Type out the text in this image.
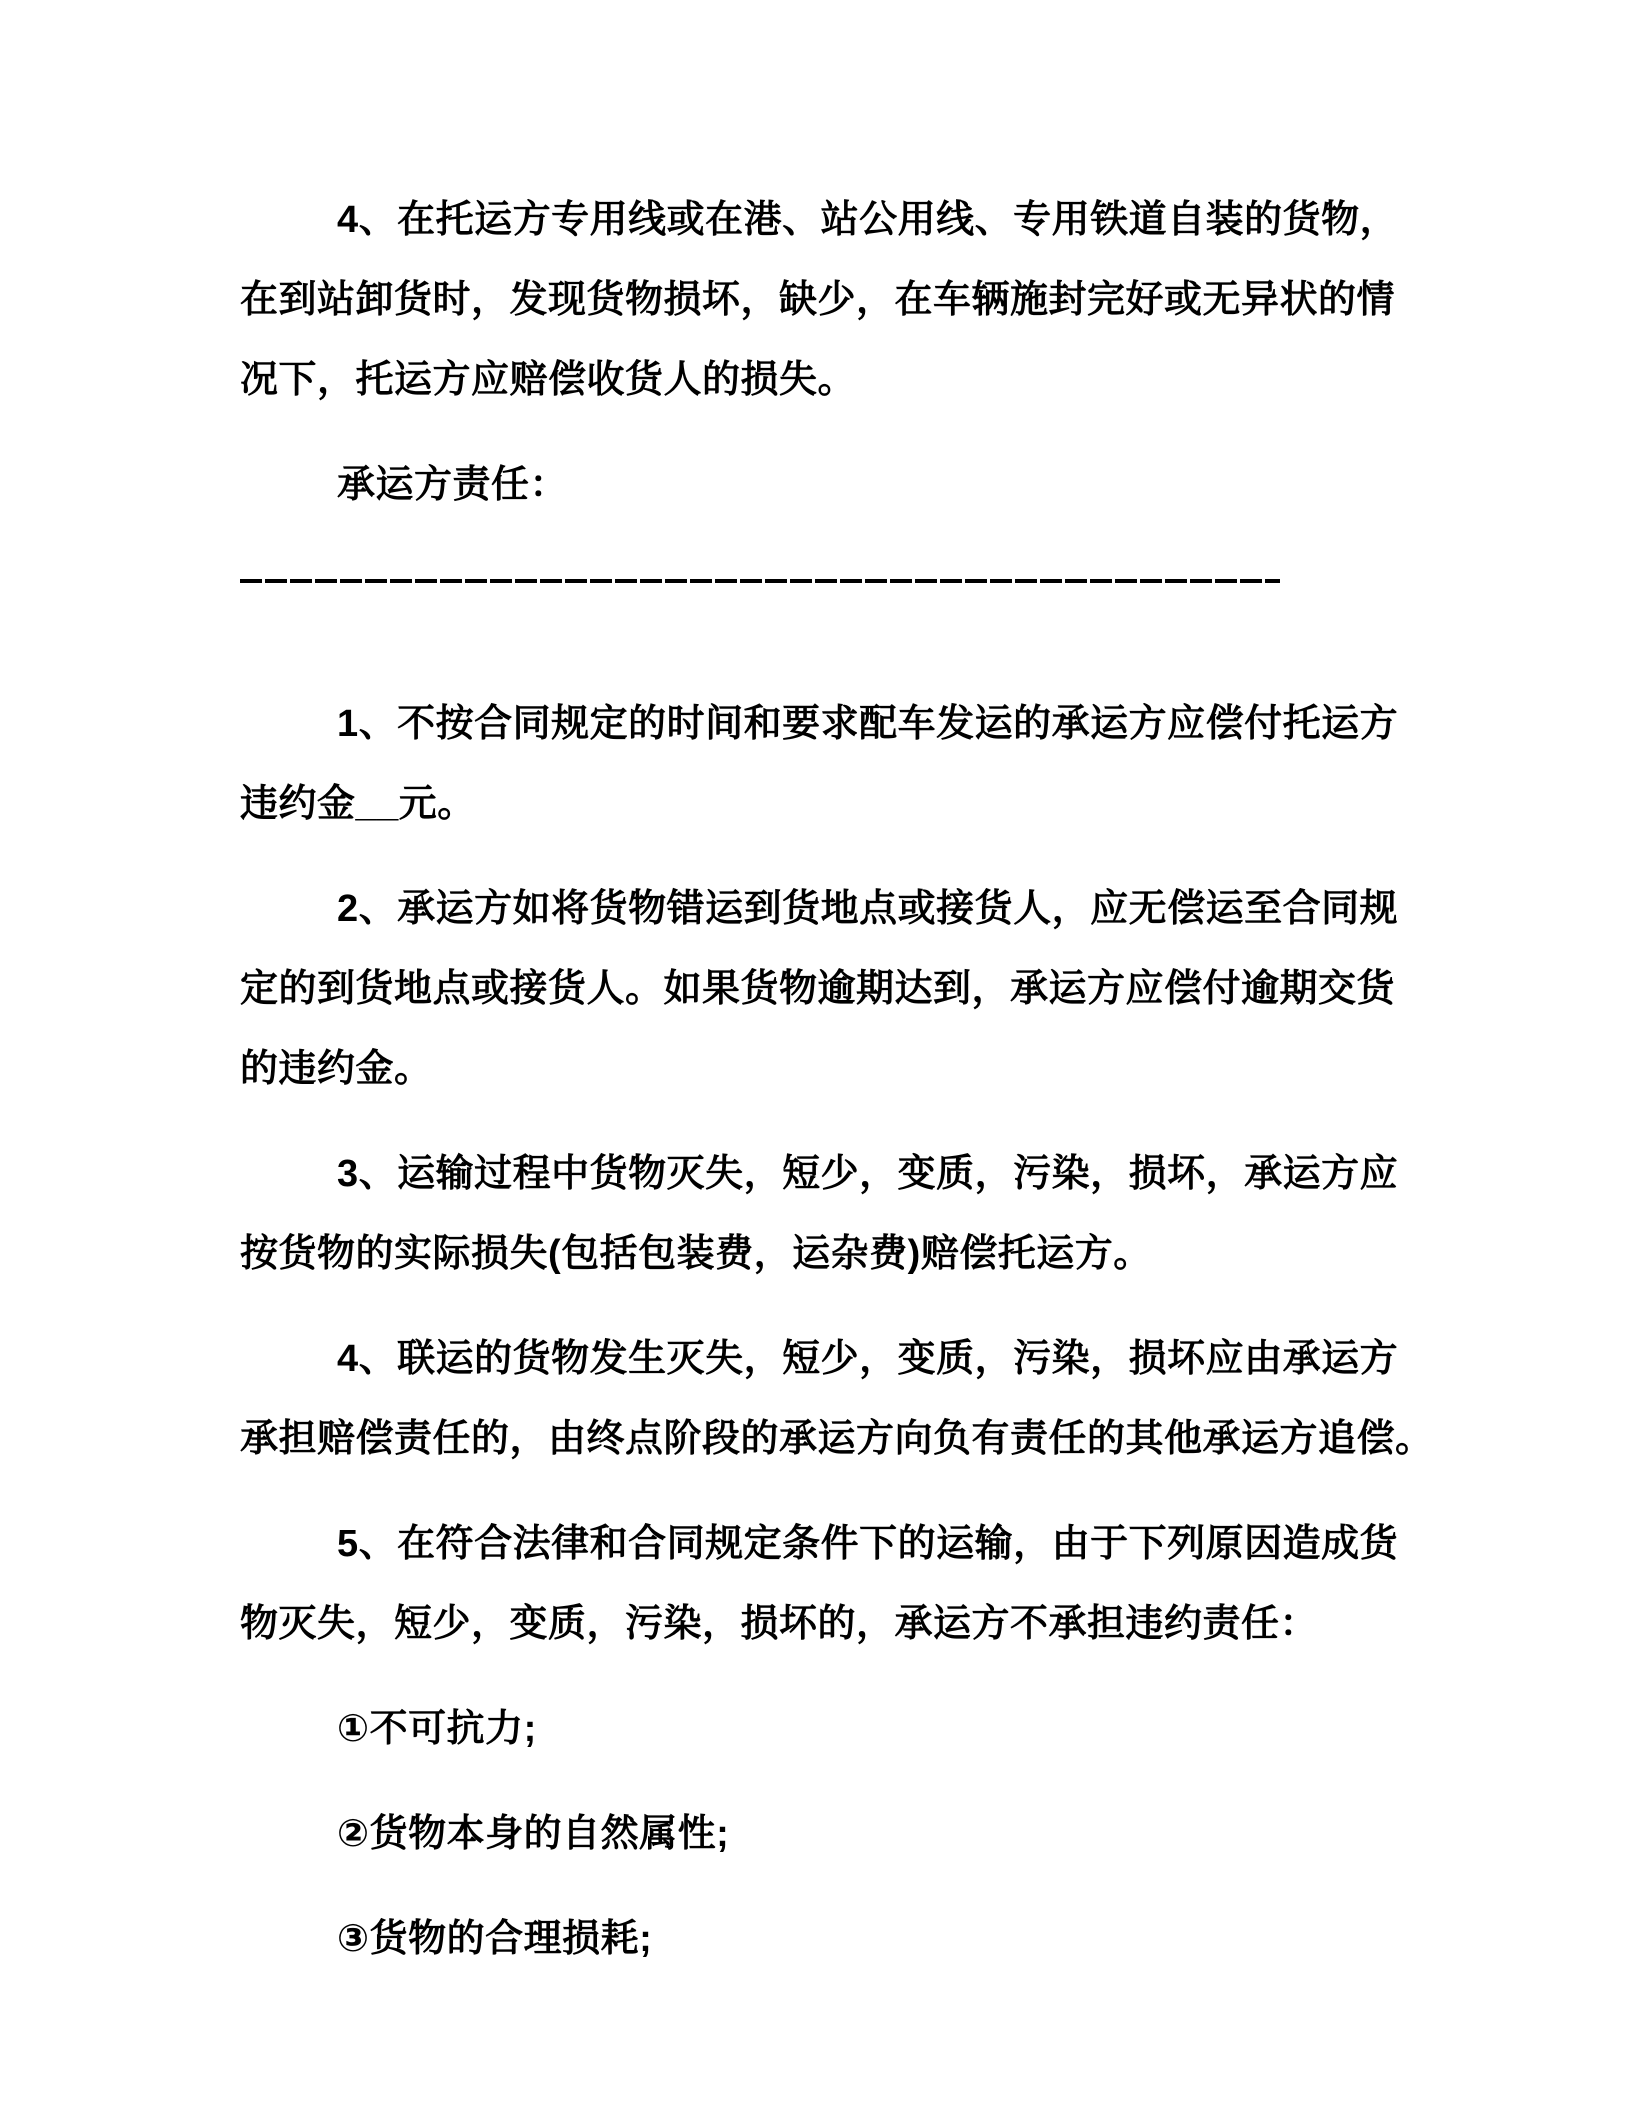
4、在托运方专用线或在港、站公用线、专用铁道自装的货物，
在到站卸货时，发现货物损坏，缺少，在车辆施封完好或无异状的情
况下，托运方应赔偿收货人的损失。
承运方责任：
1、不按合同规定的时间和要求配车发运的承运方应偿付托运方
违约金__元。
2、承运方如将货物错运到货地点或接货人，应无偿运至合同规
定的到货地点或接货人。如果货物逾期达到，承运方应偿付逾期交货
的违约金。
3、运输过程中货物灭失，短少，变质，污染，损坏，承运方应
按货物的实际损失(包括包装费，运杂费)赔偿托运方。
4、联运的货物发生灭失，短少，变质，污染，损坏应由承运方
承担赔偿责任的，由终点阶段的承运方向负有责任的其他承运方追偿。
5、在符合法律和合同规定条件下的运输，由于下列原因造成货
物灭失，短少，变质，污染，损坏的，承运方不承担违约责任：
①不可抗力;
②货物本身的自然属性;
③货物的合理损耗;
